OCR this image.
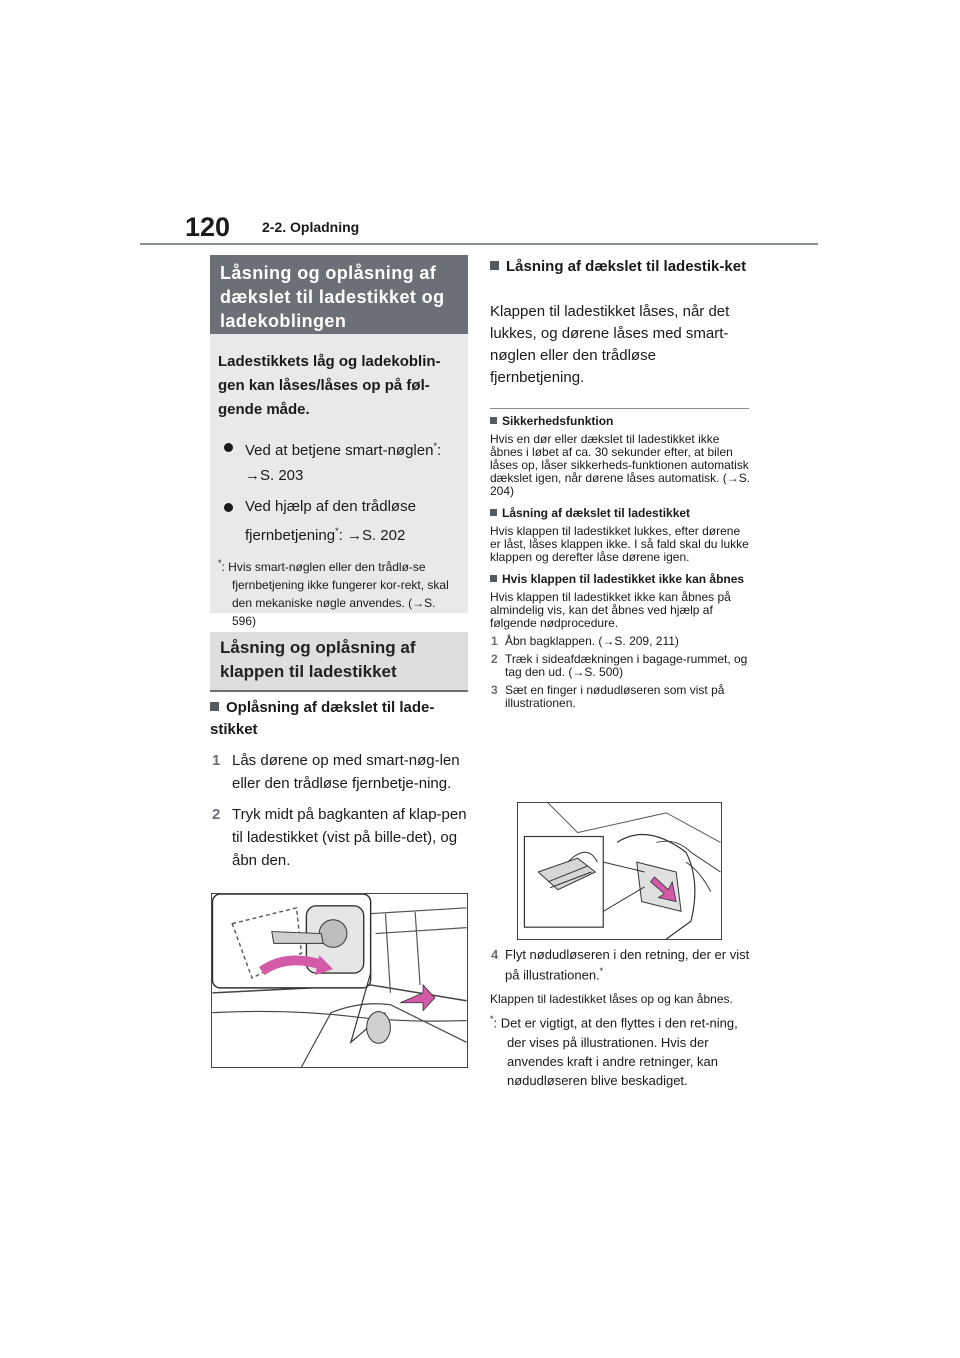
120 2-2. Opladning
Låsning og oplåsning af dækslet til ladestikket og ladekoblingen
Ladestikkets låg og ladekoblin-gen kan låses/låses op på føl-gende måde.
Ved at betjene smart-nøglen*:
→S. 203
Ved hjælp af den trådløse fjernbetjening*: →S. 202
*: Hvis smart-nøglen eller den trådlø-se fjernbetjening ikke fungerer kor-rekt, skal den mekaniske nøgle anvendes. (→S. 596)
Låsning og oplåsning af klappen til ladestikket
Oplåsning af dækslet til lade-stikket
1 Lås dørene op med smart-nøg-len eller den trådløse fjernbetje-ning.
2 Tryk midt på bagkanten af klap-pen til ladestikket (vist på bille-det), og åbn den.
Låsning af dækslet til ladestik-ket
Klappen til ladestikket låses, når det lukkes, og dørene låses med smart-nøglen eller den trådløse fjernbetjening.
Sikkerhedsfunktion
Hvis en dør eller dækslet til ladestikket ikke åbnes i løbet af ca. 30 sekunder efter, at bilen låses op, låser sikkerheds-funktionen automatisk dækslet igen, når dørene låses automatisk. (→S. 204)
Låsning af dækslet til ladestikket
Hvis klappen til ladestikket lukkes, efter dørene er låst, låses klappen ikke. I så fald skal du lukke klappen og derefter låse dørene igen.
Hvis klappen til ladestikket ikke kan åbnes
Hvis klappen til ladestikket ikke kan åbnes på almindelig vis, kan det åbnes ved hjælp af følgende nødprocedure.
1 Åbn bagklappen. (→S. 209, 211)
2 Træk i sideafdækningen i bagage-rummet, og tag den ud. (→S. 500)
3 Sæt en finger i nødudløseren som vist på illustrationen.
4 Flyt nødudløseren i den retning, der er vist på illustrationen.*
Klappen til ladestikket låses op og kan åbnes.
*: Det er vigtigt, at den flyttes i den ret-ning, der vises på illustrationen. Hvis der anvendes kraft i andre retninger, kan nødudløseren blive beskadiget.
